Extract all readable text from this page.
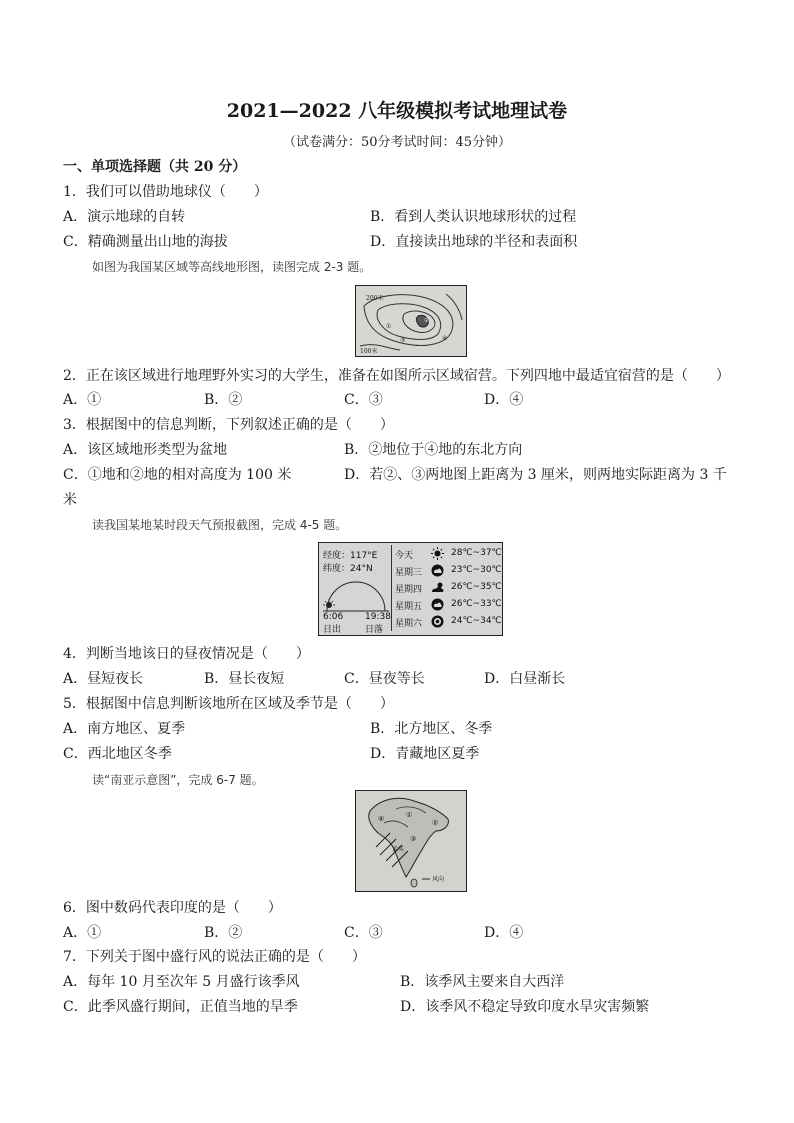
2021—2022 八年级模拟考试地理试卷
（试卷满分：50分考试时间：45分钟）
一、单项选择题（共 20 分）
1．我们可以借助地球仪（　　）
A．演示地球的自转	B．看到人类认识地球形状的过程
C．精确测量出山地的海拔	D．直接读出地球的半径和表面积
如图为我国某区域等高线地形图，读图完成 2-3 题。
①
②
③	④
200米
100米
2．正在该区域进行地理野外实习的大学生，准备在如图所示区域宿营。下列四地中最适宜宿营的是（　　）
A．①	B．②	C．③	D．④
3．根据图中的信息判断，下列叙述正确的是（　　）
A．该区域地形类型为盆地	B．②地位于④地的东北方向
C．①地和②地的相对高度为 100 米	D．若②、③两地图上距离为 3 厘米，则两地实际距离为 3 千
米
读我国某地某时段天气预报截图，完成 4-5 题。
经度：117°E
纬度：24°N
6:06 19:38
日出	日落
今天	28℃~37℃
星期三	23℃~30℃
星期四	26℃~35℃
星期五	26℃~33℃
星期六	24℃~34℃
4．判断当地该日的昼夜情况是（　　）
A．昼短夜长	B．昼长夜短	C．昼夜等长	D．白昼渐长
5．根据图中信息判断该地所在区域及季节是（　　）
A．南方地区、夏季	B．北方地区、冬季
C．西北地区冬季	D．青藏地区夏季
读“南亚示意图”，完成 6-7 题。
④	①
②
③
孟买
风向
6．图中数码代表印度的是（　　）
A．①	B．②	C．③	D．④
7．下列关于图中盛行风的说法正确的是（　　）
A．每年 10 月至次年 5 月盛行该季风	B．该季风主要来自大西洋
C．此季风盛行期间，正值当地的旱季	D．该季风不稳定导致印度水旱灾害频繁
